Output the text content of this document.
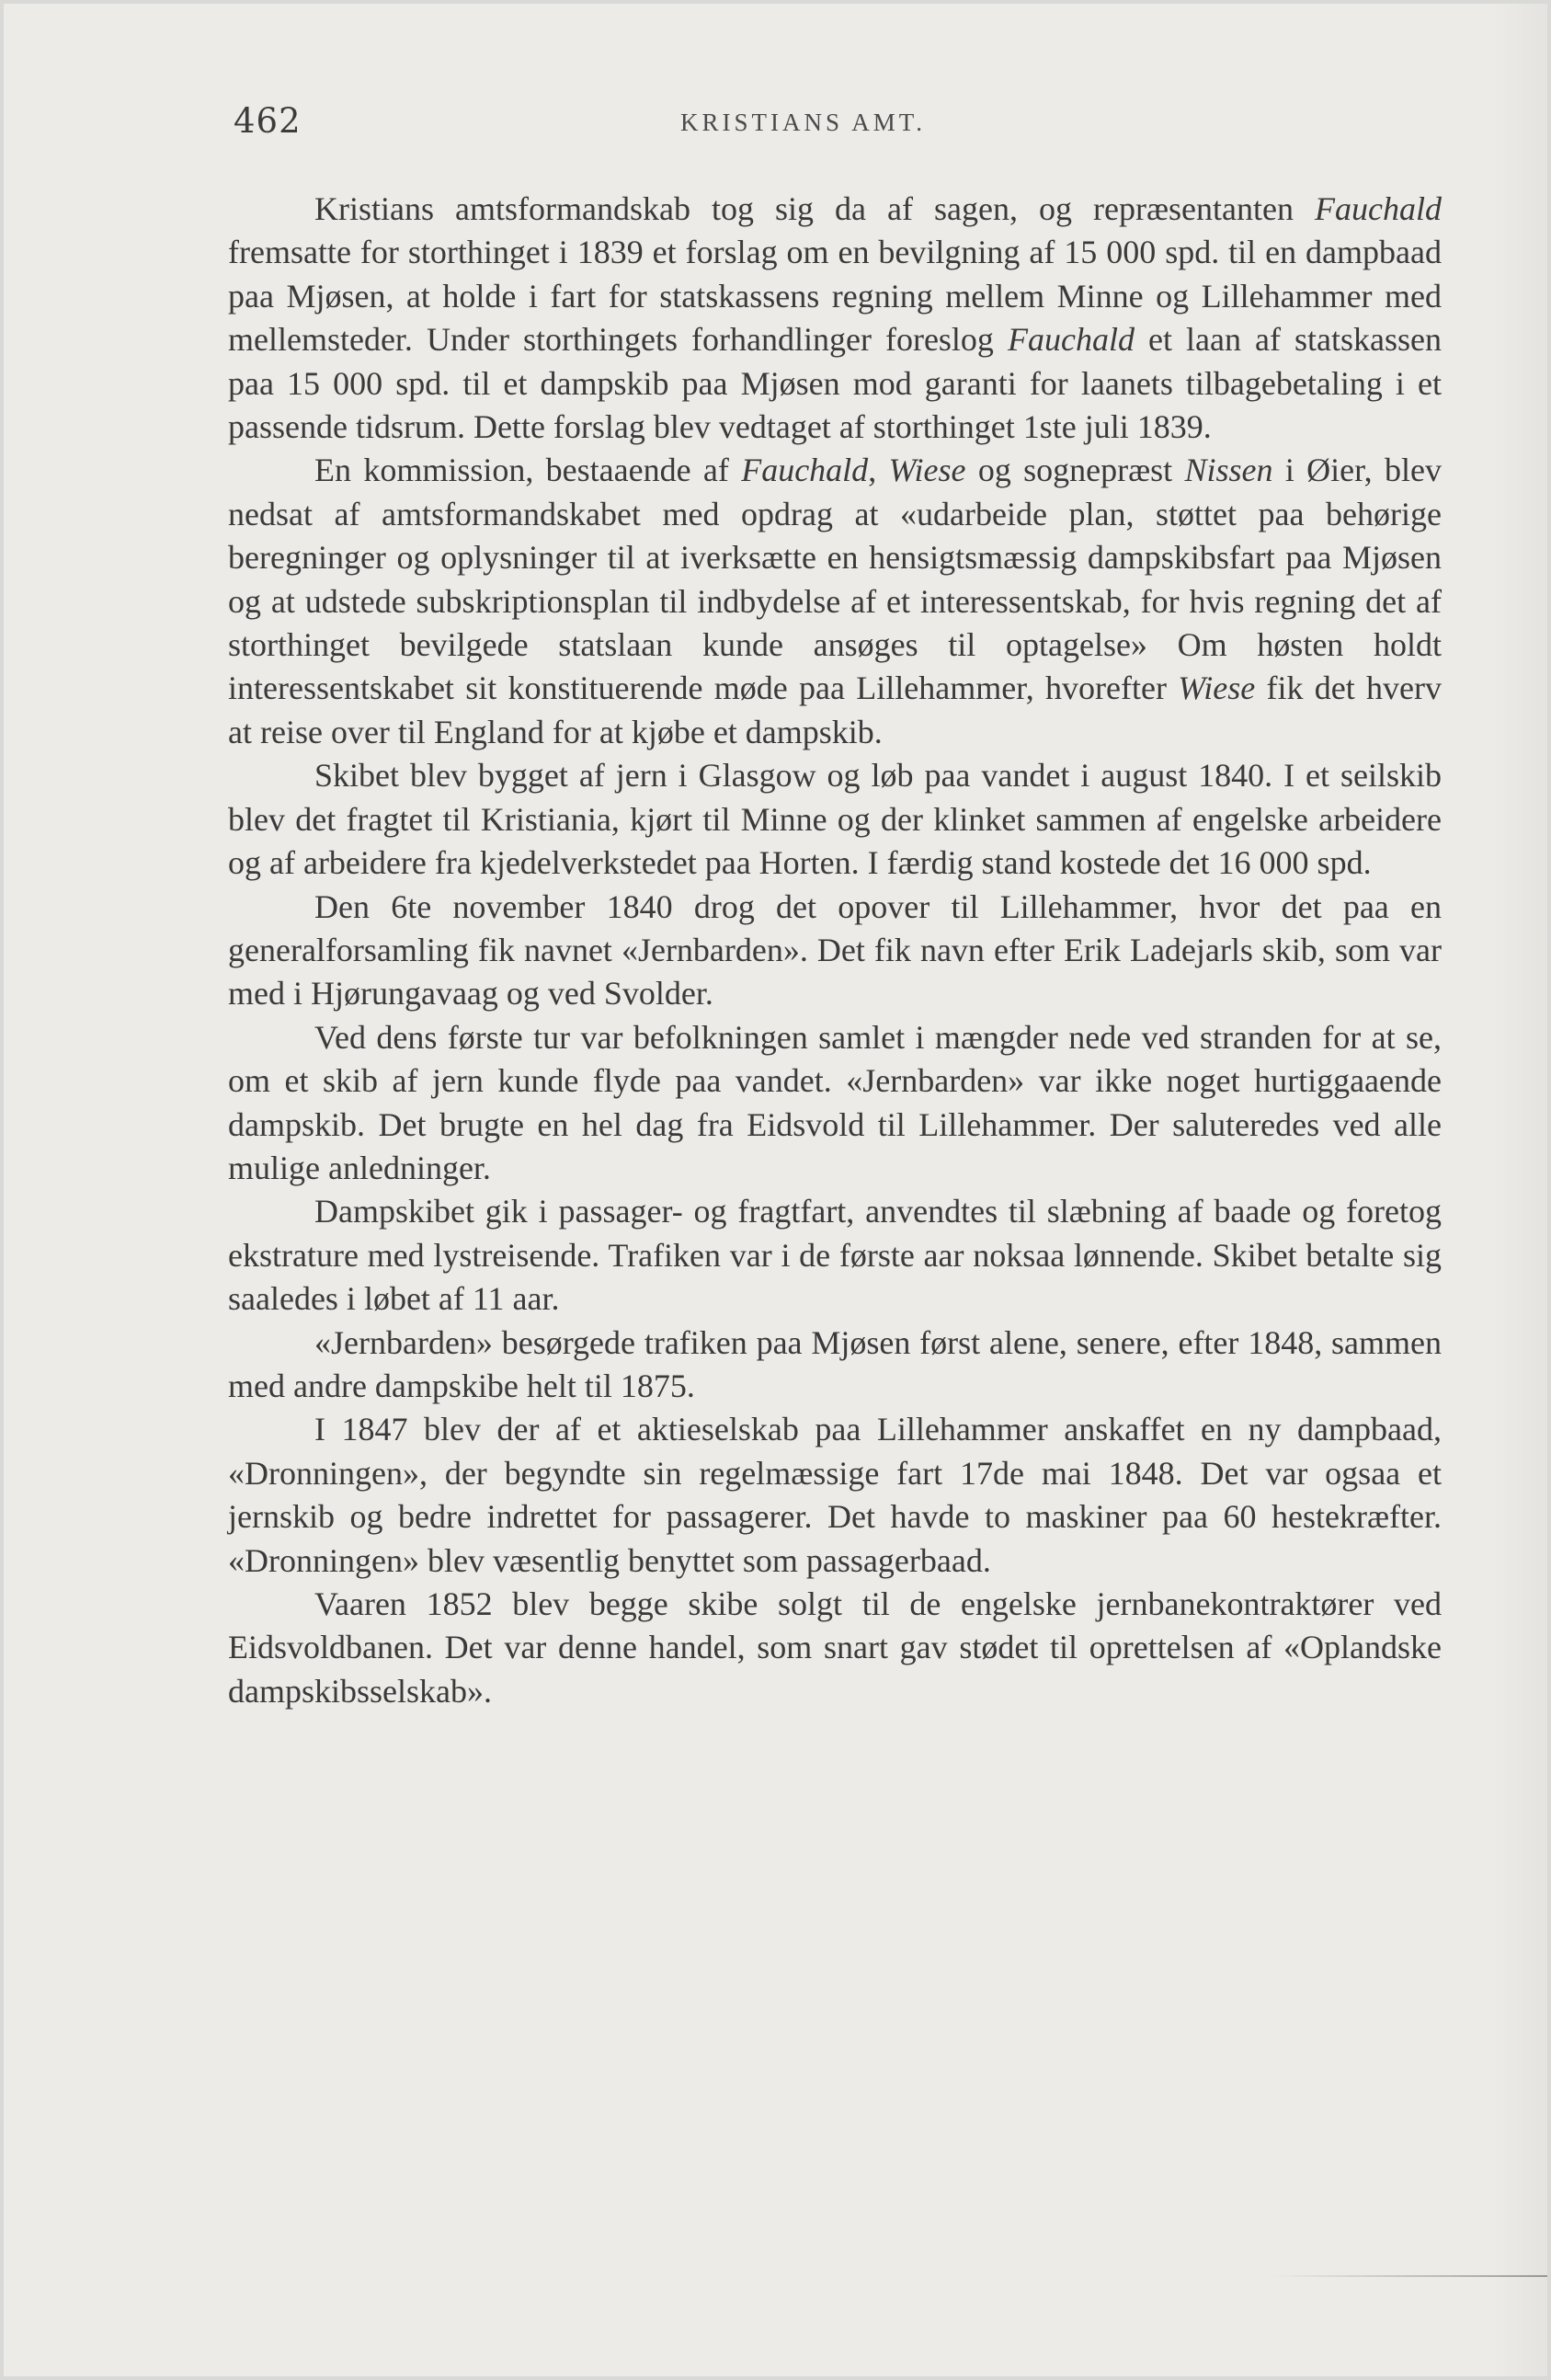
462	KRISTIANS AMT.

Kristians amtsformandskab tog sig da af sagen, og repræsentanten Fauchald fremsatte for storthinget i 1839 et forslag om en bevilgning af 15 000 spd. til en dampbaad paa Mjøsen, at holde i fart for statskassens regning mellem Minne og Lillehammer med mellemsteder. Under storthingets forhandlinger foreslog Fauchald et laan af statskassen paa 15 000 spd. til et dampskib paa Mjøsen mod garanti for laanets tilbagebetaling i et passende tidsrum. Dette forslag blev vedtaget af storthinget 1ste juli 1839.

En kommission, bestaaende af Fauchald, Wiese og sognepræst Nissen i Øier, blev nedsat af amtsformandskabet med opdrag at «udarbeide plan, støttet paa behørige beregninger og oplysninger til at iverksætte en hensigtsmæssig dampskibsfart paa Mjøsen og at udstede subskriptionsplan til indbydelse af et interessentskab, for hvis regning det af storthinget bevilgede statslaan kunde ansøges til optagelse» Om høsten holdt interessentskabet sit konstituerende møde paa Lillehammer, hvorefter Wiese fik det hverv at reise over til England for at kjøbe et dampskib.

Skibet blev bygget af jern i Glasgow og løb paa vandet i august 1840. I et seilskib blev det fragtet til Kristiania, kjørt til Minne og der klinket sammen af engelske arbeidere og af arbeidere fra kjedelverkstedet paa Horten. I færdig stand kostede det 16 000 spd.

Den 6te november 1840 drog det opover til Lillehammer, hvor det paa en generalforsamling fik navnet «Jernbarden». Det fik navn efter Erik Ladejarls skib, som var med i Hjørungavaag og ved Svolder.

Ved dens første tur var befolkningen samlet i mængder nede ved stranden for at se, om et skib af jern kunde flyde paa vandet. «Jernbarden» var ikke noget hurtiggaaende dampskib. Det brugte en hel dag fra Eidsvold til Lillehammer. Der saluteredes ved alle mulige anledninger.

Dampskibet gik i passager- og fragtfart, anvendtes til slæbning af baade og foretog ekstrature med lystreisende. Trafiken var i de første aar noksaa lønnende. Skibet betalte sig saaledes i løbet af 11 aar.

«Jernbarden» besørgede trafiken paa Mjøsen først alene, senere, efter 1848, sammen med andre dampskibe helt til 1875.

I 1847 blev der af et aktieselskab paa Lillehammer anskaffet en ny dampbaad, «Dronningen», der begyndte sin regelmæssige fart 17de mai 1848. Det var ogsaa et jernskib og bedre indrettet for passagerer. Det havde to maskiner paa 60 hestekræfter. «Dronningen» blev væsentlig benyttet som passagerbaad.

Vaaren 1852 blev begge skibe solgt til de engelske jernbanekontraktører ved Eidsvoldbanen. Det var denne handel, som snart gav stødet til oprettelsen af «Oplandske dampskibsselskab».
